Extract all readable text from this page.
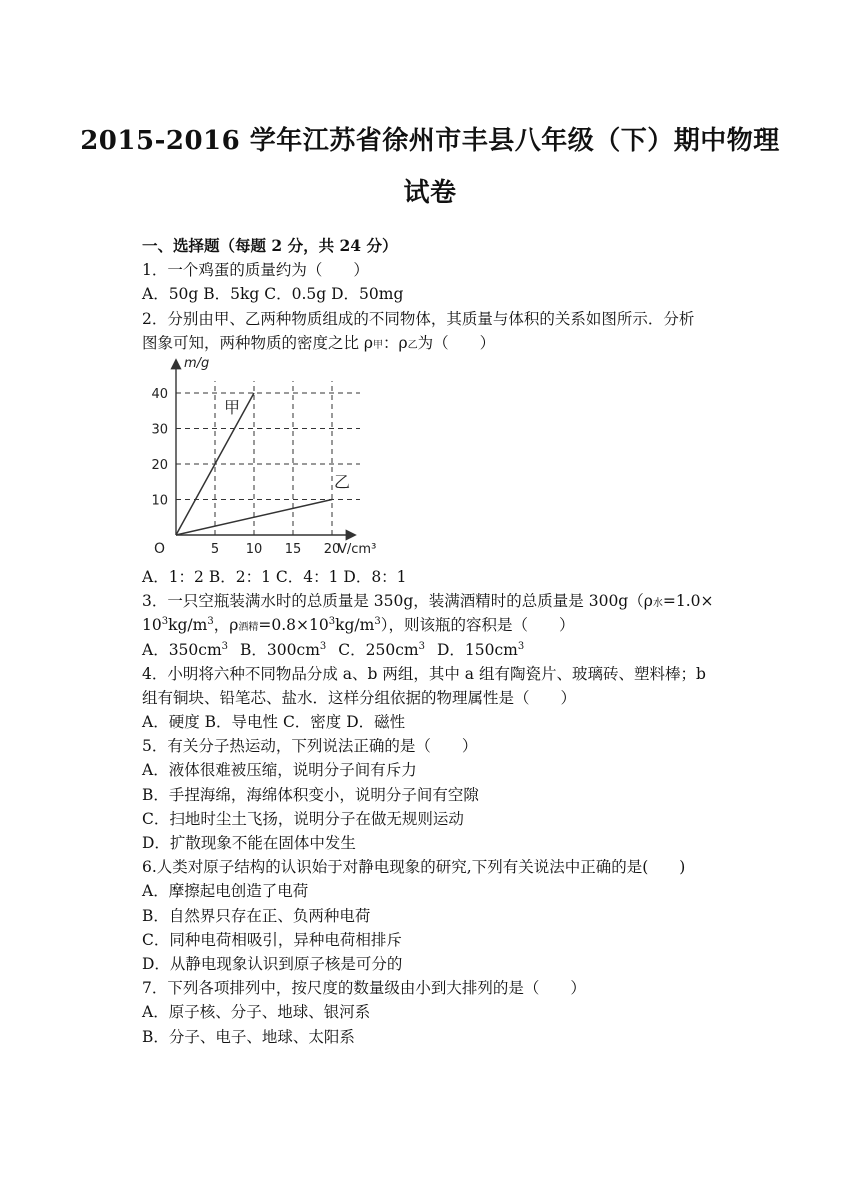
2015-2016 学年江苏省徐州市丰县八年级（下）期中物理
试卷
一、选择题（每题 2 分，共 24 分）
1．一个鸡蛋的质量约为（　　）
A．50g B．5kg C．0.5g D．50mg
2．分别由甲、乙两种物质组成的不同物体，其质量与体积的关系如图所示．分析
图象可知，两种物质的密度之比 ρ甲：ρ乙为（　　）
甲
乙
5 10 15 20
10
20
30
40
O
m/g
V/cm³
A．1：2 B．2：1 C．4：1 D．8：1
3．一只空瓶装满水时的总质量是 350g，装满酒精时的总质量是 300g（ρ水=1.0×
$10^3kg/m^3$，ρ酒精$=0.8\times 10^3kg/m^3$），则该瓶的容积是（　　）
A．$350cm^3$ B．$300cm^3$ C．$250cm^3$ D．$150cm^3$
4．小明将六种不同物品分成 a、b 两组，其中 a 组有陶瓷片、玻璃砖、塑料棒；b
组有铜块、铅笔芯、盐水．这样分组依据的物理属性是（　　）
A．硬度 B．导电性 C．密度 D．磁性
5．有关分子热运动，下列说法正确的是（　　）
A．液体很难被压缩，说明分子间有斥力
B．手捏海绵，海绵体积变小，说明分子间有空隙
C．扫地时尘土飞扬，说明分子在做无规则运动
D．扩散现象不能在固体中发生
6.人类对原子结构的认识始于对静电现象的研究,下列有关说法中正确的是(　　)
A．摩擦起电创造了电荷
B．自然界只存在正、负两种电荷
C．同种电荷相吸引，异种电荷相排斥
D．从静电现象认识到原子核是可分的
7．下列各项排列中，按尺度的数量级由小到大排列的是（　　）
A．原子核、分子、地球、银河系
B．分子、电子、地球、太阳系
